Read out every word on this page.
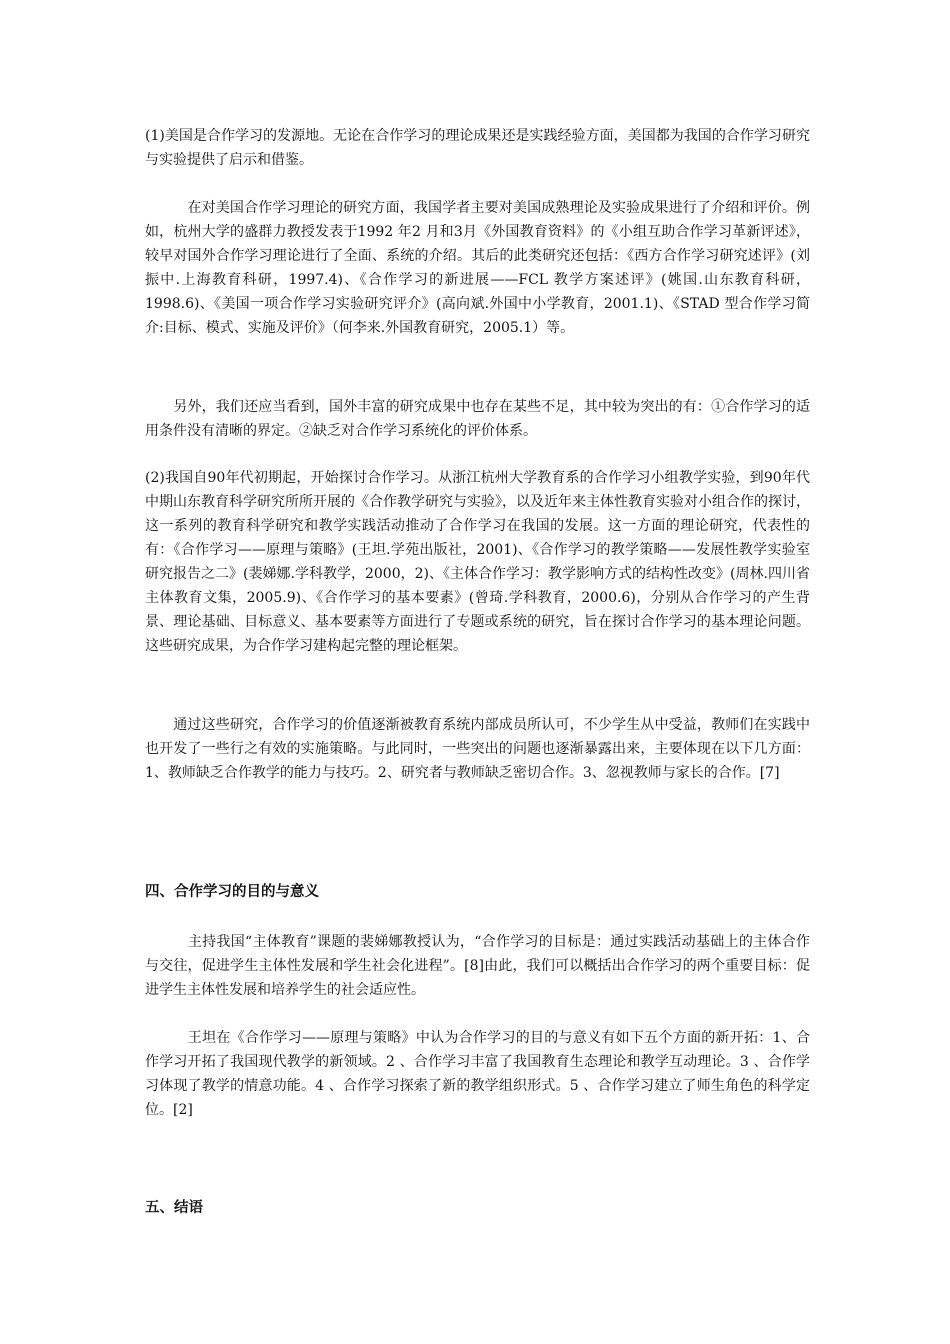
(1)美国是合作学习的发源地。无论在合作学习的理论成果还是实践经验方面，美国都为我国的合作学习研究与实验提供了启示和借鉴。

　　　在对美国合作学习理论的研究方面，我国学者主要对美国成熟理论及实验成果进行了介绍和评价。例如，杭州大学的盛群力教授发表于1992 年2 月和3月《外国教育资料》的《小组互助合作学习革新评述》，较早对国外合作学习理论进行了全面、系统的介绍。其后的此类研究还包括：《西方合作学习研究述评》(刘振中.上海教育科研，1997.4)、《合作学习的新进展——FCL 教学方案述评》(姚国.山东教育科研，1998.6)、《美国一项合作学习实验研究评介》(高向斌.外国中小学教育，2001.1)、《STAD 型合作学习简介:目标、模式、实施及评价》（何李来.外国教育研究，2005.1）等。

　　另外，我们还应当看到，国外丰富的研究成果中也存在某些不足，其中较为突出的有：①合作学习的适用条件没有清晰的界定。②缺乏对合作学习系统化的评价体系。

(2)我国自90年代初期起，开始探讨合作学习。从浙江杭州大学教育系的合作学习小组教学实验，到90年代中期山东教育科学研究所所开展的《合作教学研究与实验》，以及近年来主体性教育实验对小组合作的探讨，这一系列的教育科学研究和教学实践活动推动了合作学习在我国的发展。这一方面的理论研究，代表性的有：《合作学习——原理与策略》(王坦.学苑出版社，2001)、《合作学习的教学策略——发展性教学实验室研究报告之二》(裴娣娜.学科教学，2000，2)、《主体合作学习：教学影响方式的结构性改变》(周林.四川省主体教育文集，2005.9)、《合作学习的基本要素》(曾琦.学科教育，2000.6)，分别从合作学习的产生背景、理论基础、目标意义、基本要素等方面进行了专题或系统的研究，旨在探讨合作学习的基本理论问题。这些研究成果，为合作学习建构起完整的理论框架。

　　通过这些研究，合作学习的价值逐渐被教育系统内部成员所认可，不少学生从中受益，教师们在实践中也开发了一些行之有效的实施策略。与此同时，一些突出的问题也逐渐暴露出来，主要体现在以下几方面：1、教师缺乏合作教学的能力与技巧。2、研究者与教师缺乏密切合作。3、忽视教师与家长的合作。[7]

四、合作学习的目的与意义

　　　主持我国“主体教育”课题的裴娣娜教授认为，“合作学习的目标是：通过实践活动基础上的主体合作与交往，促进学生主体性发展和学生社会化进程”。[8]由此，我们可以概括出合作学习的两个重要目标：促进学生主体性发展和培养学生的社会适应性。

　　　王坦在《合作学习——原理与策略》中认为合作学习的目的与意义有如下五个方面的新开拓：1、合作学习开拓了我国现代教学的新领域。2 、合作学习丰富了我国教育生态理论和教学互动理论。3 、合作学习体现了教学的情意功能。4 、合作学习探索了新的教学组织形式。5 、合作学习建立了师生角色的科学定位。[2]

五、结语
